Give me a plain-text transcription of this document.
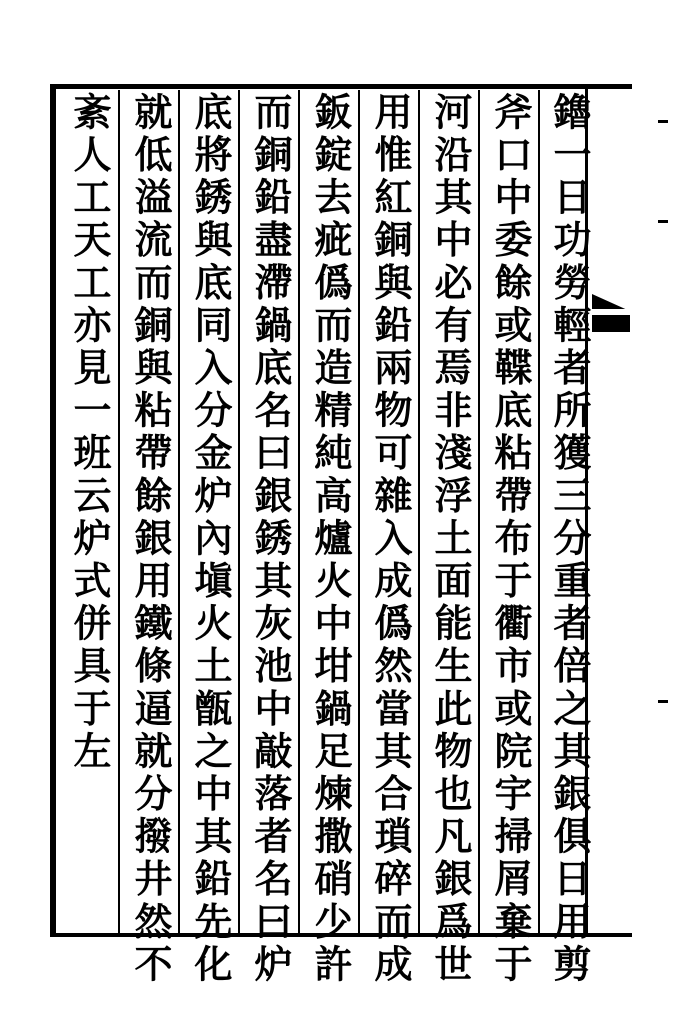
鑥一日功勞輕者所獲三分重者倍之其銀俱日用剪
斧口中委餘或鞢底粘帶布于衢市或院宇掃屑棄于
河沿其中必有焉非淺浮土面能生此物也凡銀爲世
用惟紅銅與鉛兩物可雜入成僞然當其合瑣碎而成
鈑錠去疵僞而造精純高爐火中坩鍋足煉撒硝少許
而銅鉛盡滯鍋底名曰銀銹其灰池中敲落者名曰炉
底將銹與底同入分金炉內塡火土甑之中其鉛先化
就低溢流而銅與粘帶餘銀用鐵條逼就分撥井然不
紊人工天工亦見一班云炉式併具于左
